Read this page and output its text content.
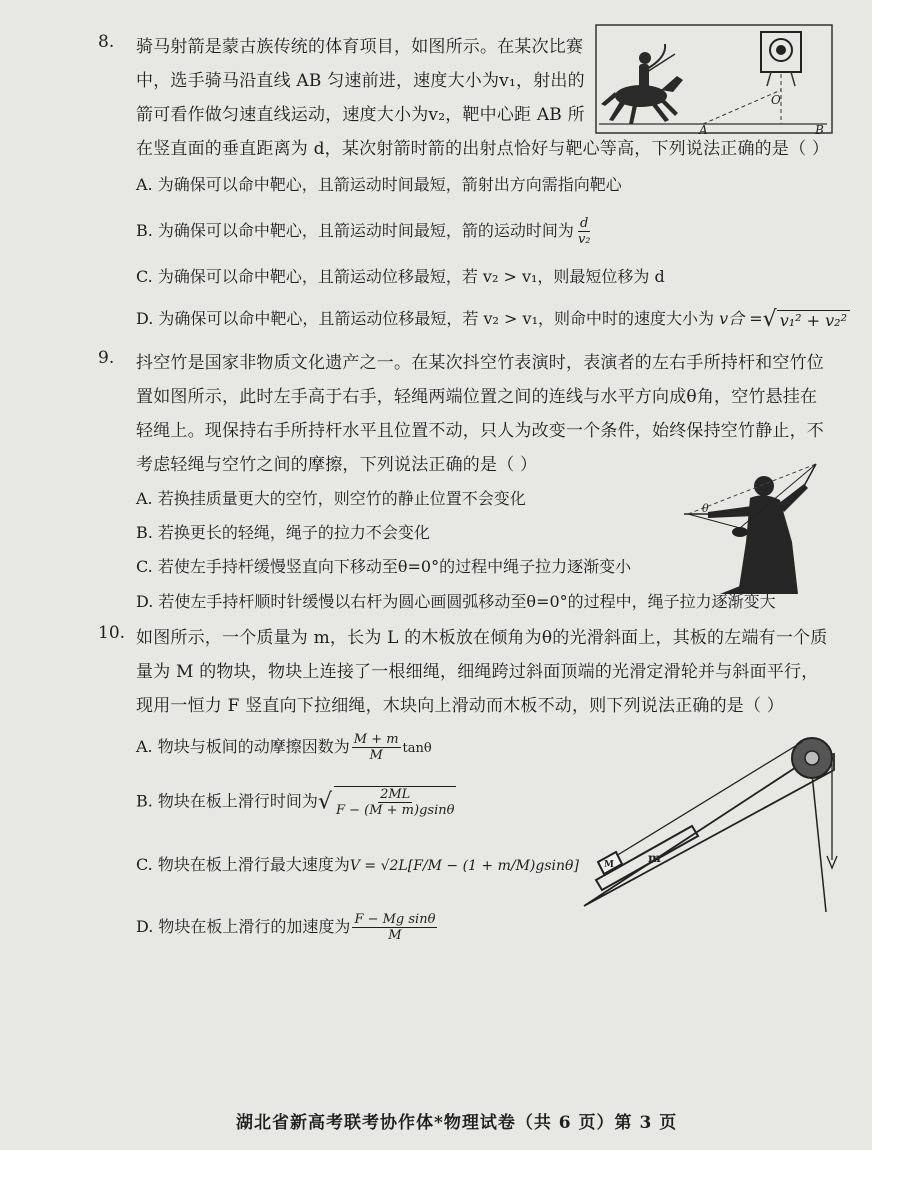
8. 骑马射箭是蒙古族传统的体育项目，如图所示。在某次比赛
中，选手骑马沿直线 AB 匀速前进，速度大小为v₁，射出的
箭可看作做匀速直线运动，速度大小为v₂，靶中心距 AB 所
在竖直面的垂直距离为 d，某次射箭时箭的出射点恰好与靶心等高，下列说法正确的是（ ）
O
A	B
A. 为确保可以命中靶心，且箭运动时间最短，箭射出方向需指向靶心
B. 为确保可以命中靶心，且箭运动时间最短，箭的运动时间为 $\frac{d}{\text{v₂}}$
C. 为确保可以命中靶心，且箭运动位移最短，若 v₂ > v₁，则最短位移为 d
D. 为确保可以命中靶心，且箭运动位移最短，若 v₂ > v₁，则命中时的速度大小为 v合 =√ v₁² + v₂²
9. 抖空竹是国家非物质文化遗产之一。在某次抖空竹表演时，表演者的左右手所持杆和空竹位
置如图所示，此时左手高于右手，轻绳两端位置之间的连线与水平方向成θ角，空竹悬挂在
轻绳上。现保持右手所持杆水平且位置不动，只人为改变一个条件，始终保持空竹静止，不
考虑轻绳与空竹之间的摩擦，下列说法正确的是（ ）
θ
A. 若换挂质量更大的空竹，则空竹的静止位置不会变化
B. 若换更长的轻绳，绳子的拉力不会变化
C. 若使左手持杆缓慢竖直向下移动至θ=0°的过程中绳子拉力逐渐变小
D. 若使左手持杆顺时针缓慢以右杆为圆心画圆弧移动至θ=0°的过程中，绳子拉力逐渐变大
10. 如图所示，一个质量为 m，长为 L 的木板放在倾角为θ的光滑斜面上，其板的左端有一个质
量为 M 的物块，物块上连接了一根细绳，细绳跨过斜面顶端的光滑定滑轮并与斜面平行，
现用一恒力 F 竖直向下拉细绳，木块向上滑动而木板不动，则下列说法正确的是（ ）
A. 物块与板间的动摩擦因数为 $\frac{M + m}{M}$ tanθ
B. 物块在板上滑行时间为√ $\frac{2ML}{F - (M + m)gsin\theta}$
C. 物块在板上滑行最大速度为V = √2L[F/M − (1 + m/M)gsinθ]
D. 物块在板上滑行的加速度为 $\frac{\text{F − Mg sinθ}}{M}$
M	m
湖北省新高考联考协作体*物理试卷（共 6 页）第 3 页
